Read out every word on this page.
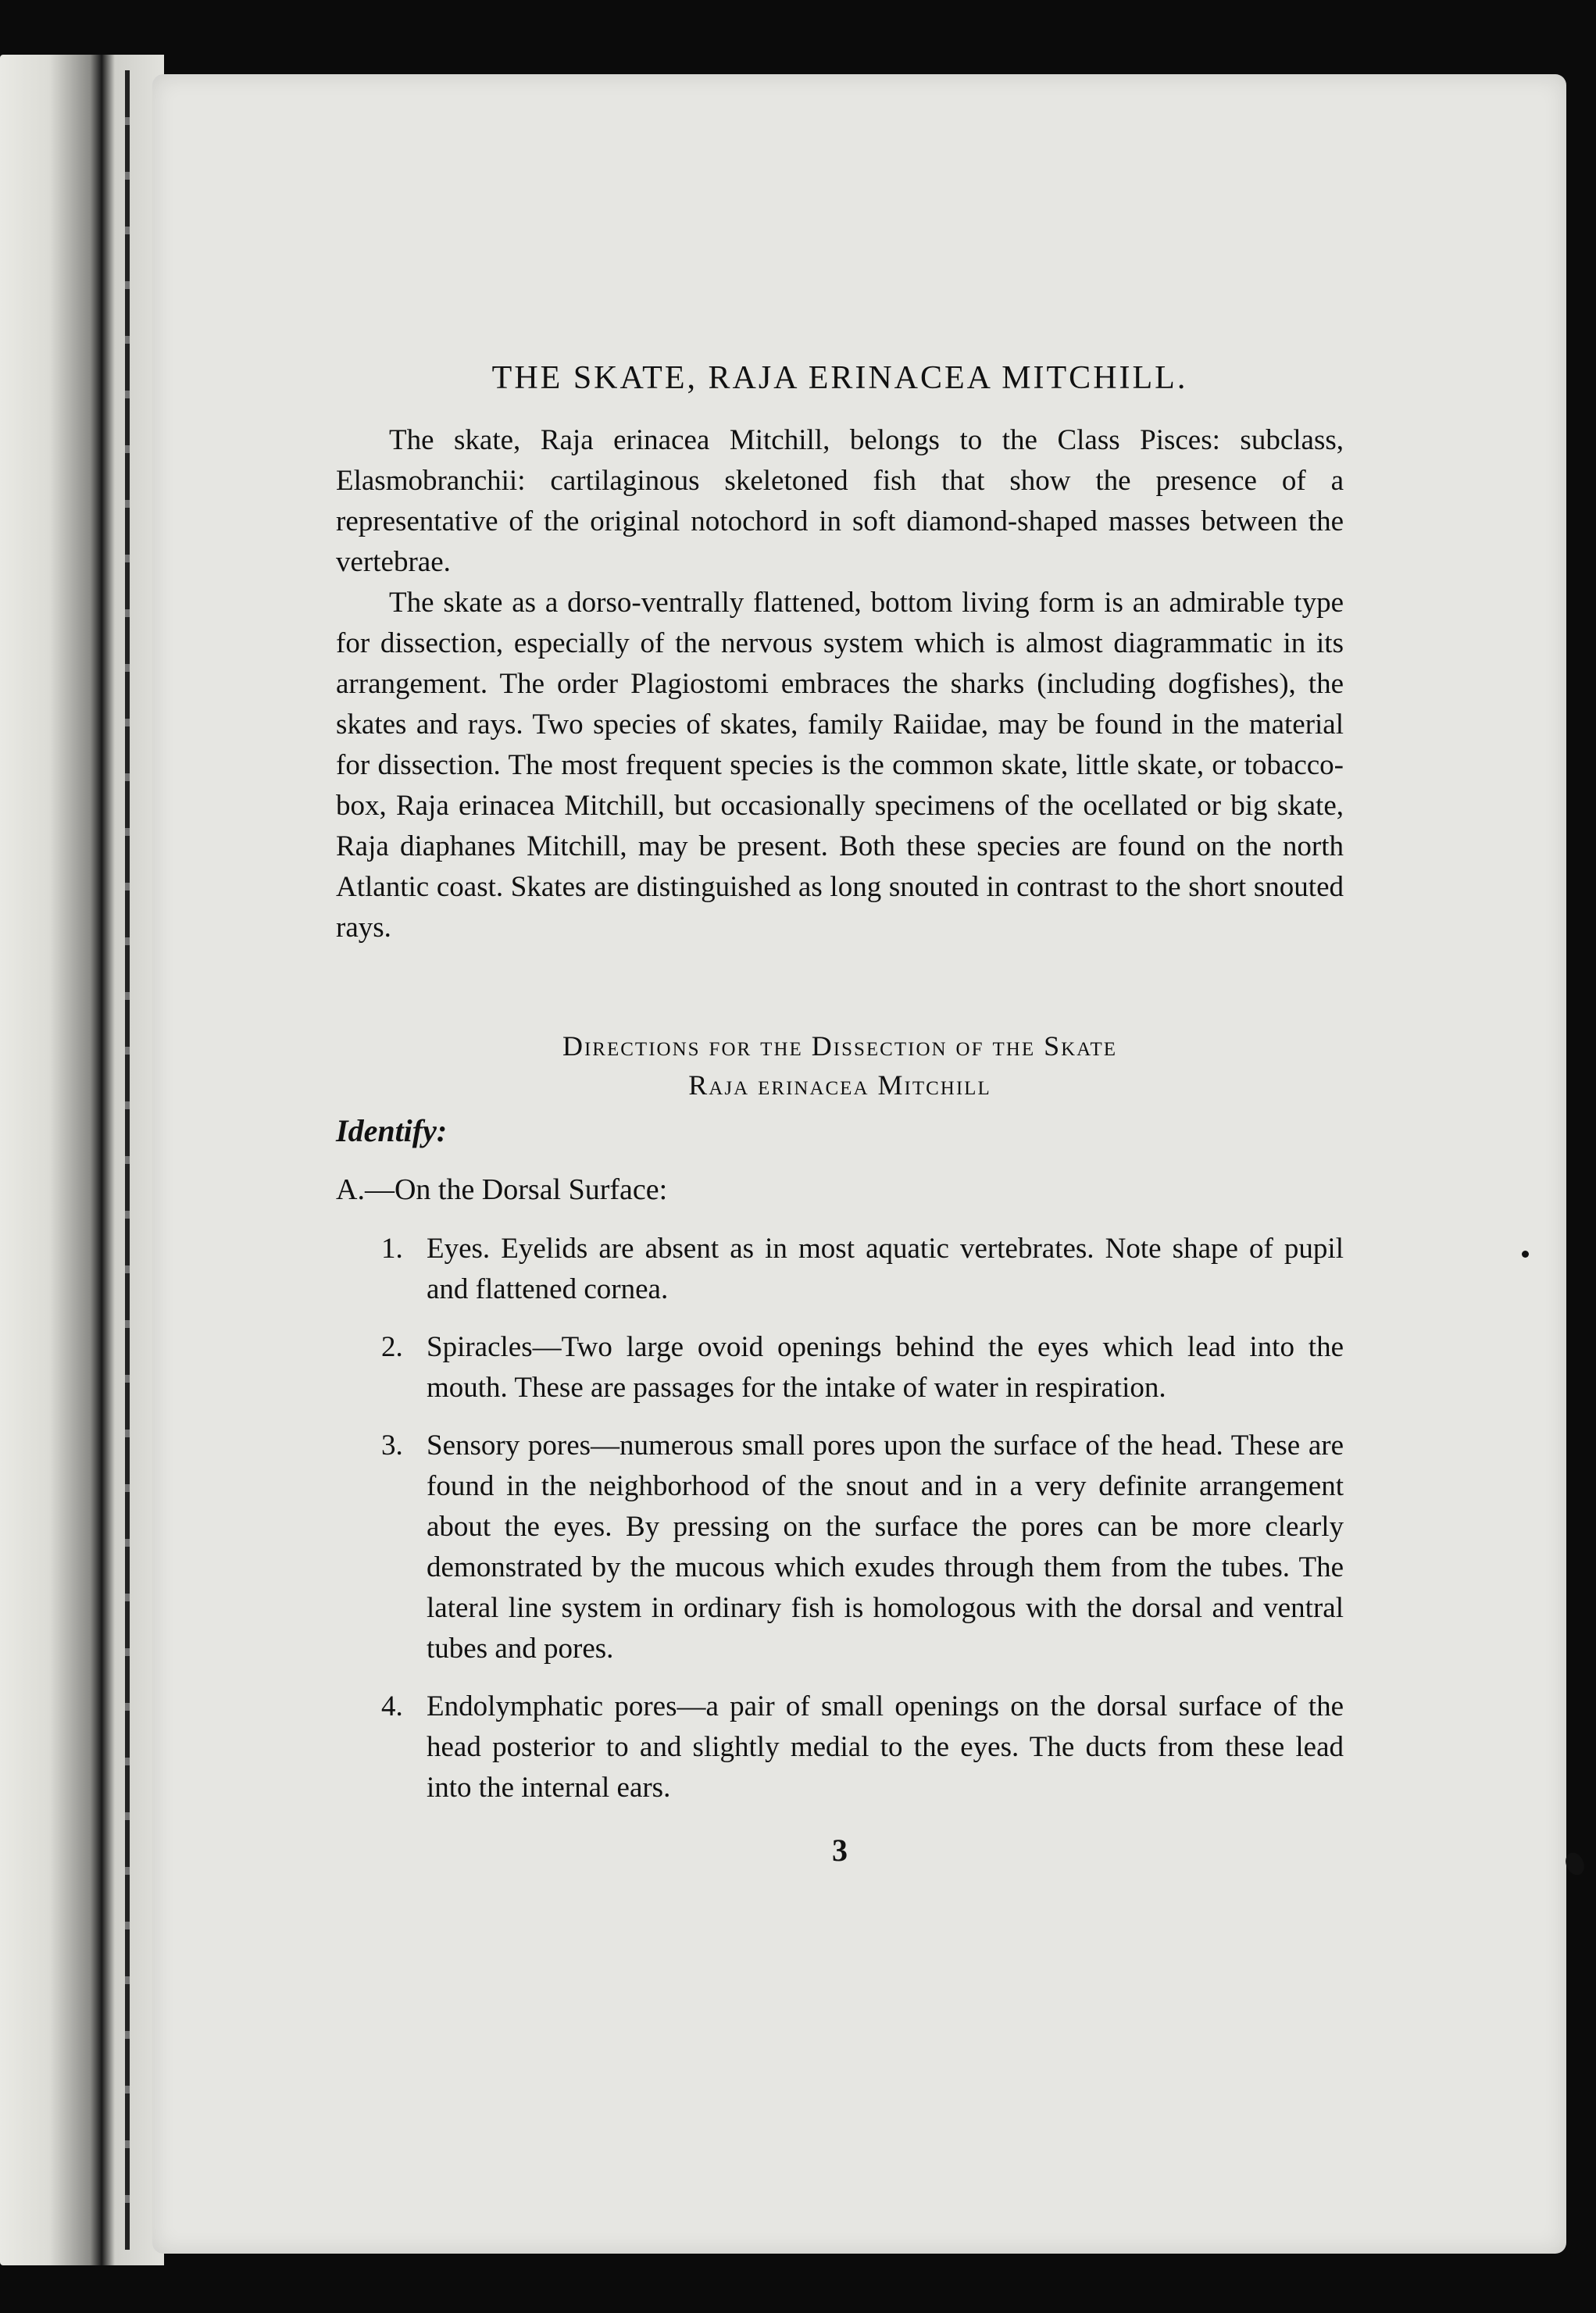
THE SKATE, RAJA ERINACEA MITCHILL.

The skate, Raja erinacea Mitchill, belongs to the Class Pisces: subclass, Elasmobranchii: cartilaginous skeletoned fish that show the presence of a representative of the original notochord in soft diamond-shaped masses between the vertebrae.

The skate as a dorso-ventrally flattened, bottom living form is an admirable type for dissection, especially of the nervous system which is almost diagrammatic in its arrangement. The order Plagiostomi embraces the sharks (including dogfishes), the skates and rays. Two species of skates, family Raiidae, may be found in the material for dissection. The most frequent species is the common skate, little skate, or tobacco-box, Raja erinacea Mitchill, but occasionally specimens of the ocellated or big skate, Raja diaphanes Mitchill, may be present. Both these species are found on the north Atlantic coast. Skates are distinguished as long snouted in contrast to the short snouted rays.

Directions for the Dissection of the Skate
Raja erinacea Mitchill
Identify:
A.—On the Dorsal Surface:
1. Eyes. Eyelids are absent as in most aquatic vertebrates. Note shape of pupil and flattened cornea.
2. Spiracles—Two large ovoid openings behind the eyes which lead into the mouth. These are passages for the intake of water in respiration.
3. Sensory pores—numerous small pores upon the surface of the head. These are found in the neighborhood of the snout and in a very definite arrangement about the eyes. By pressing on the surface the pores can be more clearly demonstrated by the mucous which exudes through them from the tubes. The lateral line system in ordinary fish is homologous with the dorsal and ventral tubes and pores.
4. Endolymphatic pores—a pair of small openings on the dorsal surface of the head posterior to and slightly medial to the eyes. The ducts from these lead into the internal ears.
3
